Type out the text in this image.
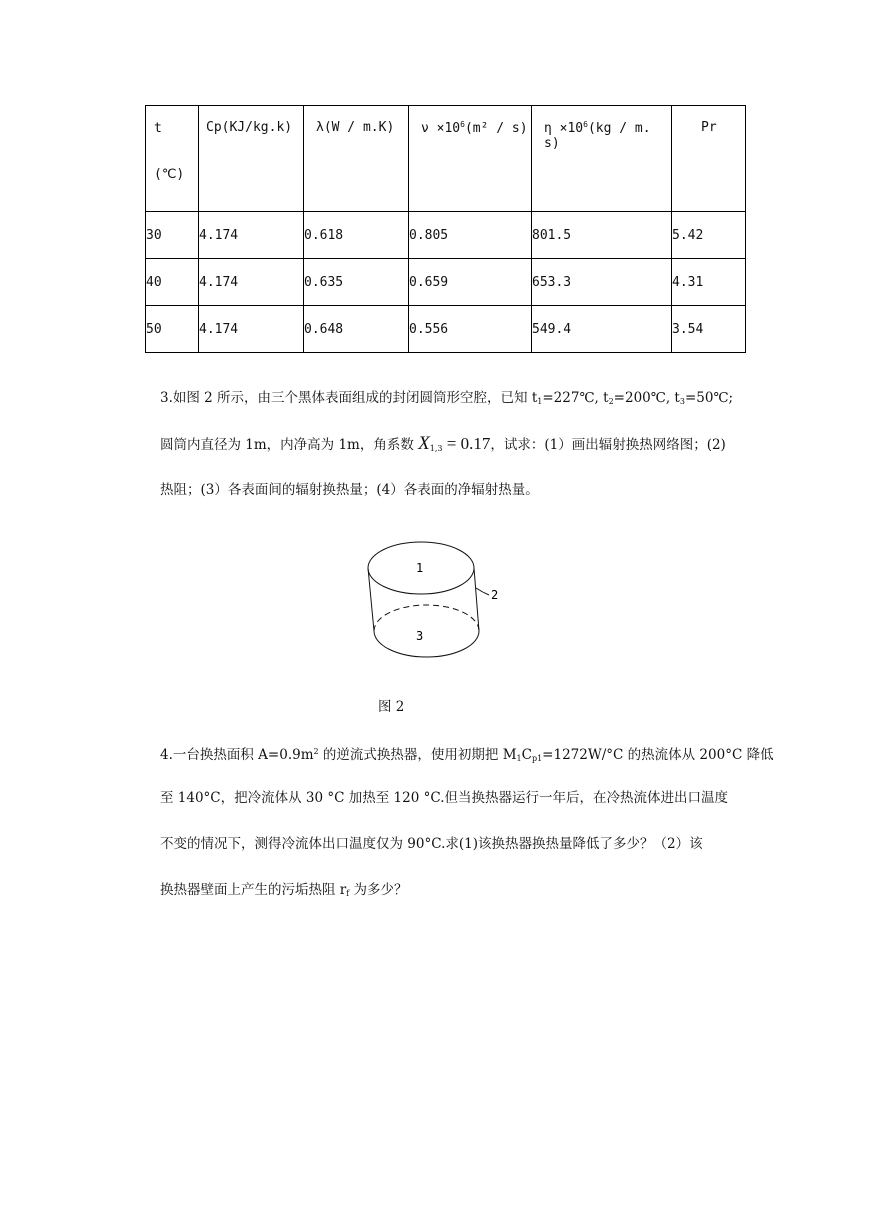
t
(℃)	Cp(KJ/kg.k)	λ(W / m.K)	$\nu \times 10^6(m^2 / s)$	$\eta \times 10^6(kg / m$. s)	Pr

30	4.174	0.618	0.805	801.5	5.42
40	4.174	0.635	0.659	653.3	4.31
50	4.174	0.648	0.556	549.4	3.54
3.如图 2 所示，由三个黑体表面组成的封闭圆筒形空腔，已知 $t_1=227℃$, $t_2=200℃$, $t_3=50℃$;
圆筒内直径为 1m，内净高为 1m，角系数 $X_{1,3} = 0.17$，试求：(1）画出辐射换热网络图；(2)
热阻；(3）各表面间的辐射换热量；(4）各表面的净辐射热量。
1
2
3
图 2
4.一台换热面积 $A=0.9m^2$ 的逆流式换热器，使用初期把 $M_1C_{p1}=1272W/^\circ C$ 的热流体从 200°C 降低
至 140°C，把冷流体从 30 °C 加热至 120 °C.但当换热器运行一年后，在冷热流体进出口温度
不变的情况下，测得冷流体出口温度仅为 90°C.求(1)该换热器换热量降低了多少？（2）该
换热器壁面上产生的污垢热阻 $r_f$ 为多少？
